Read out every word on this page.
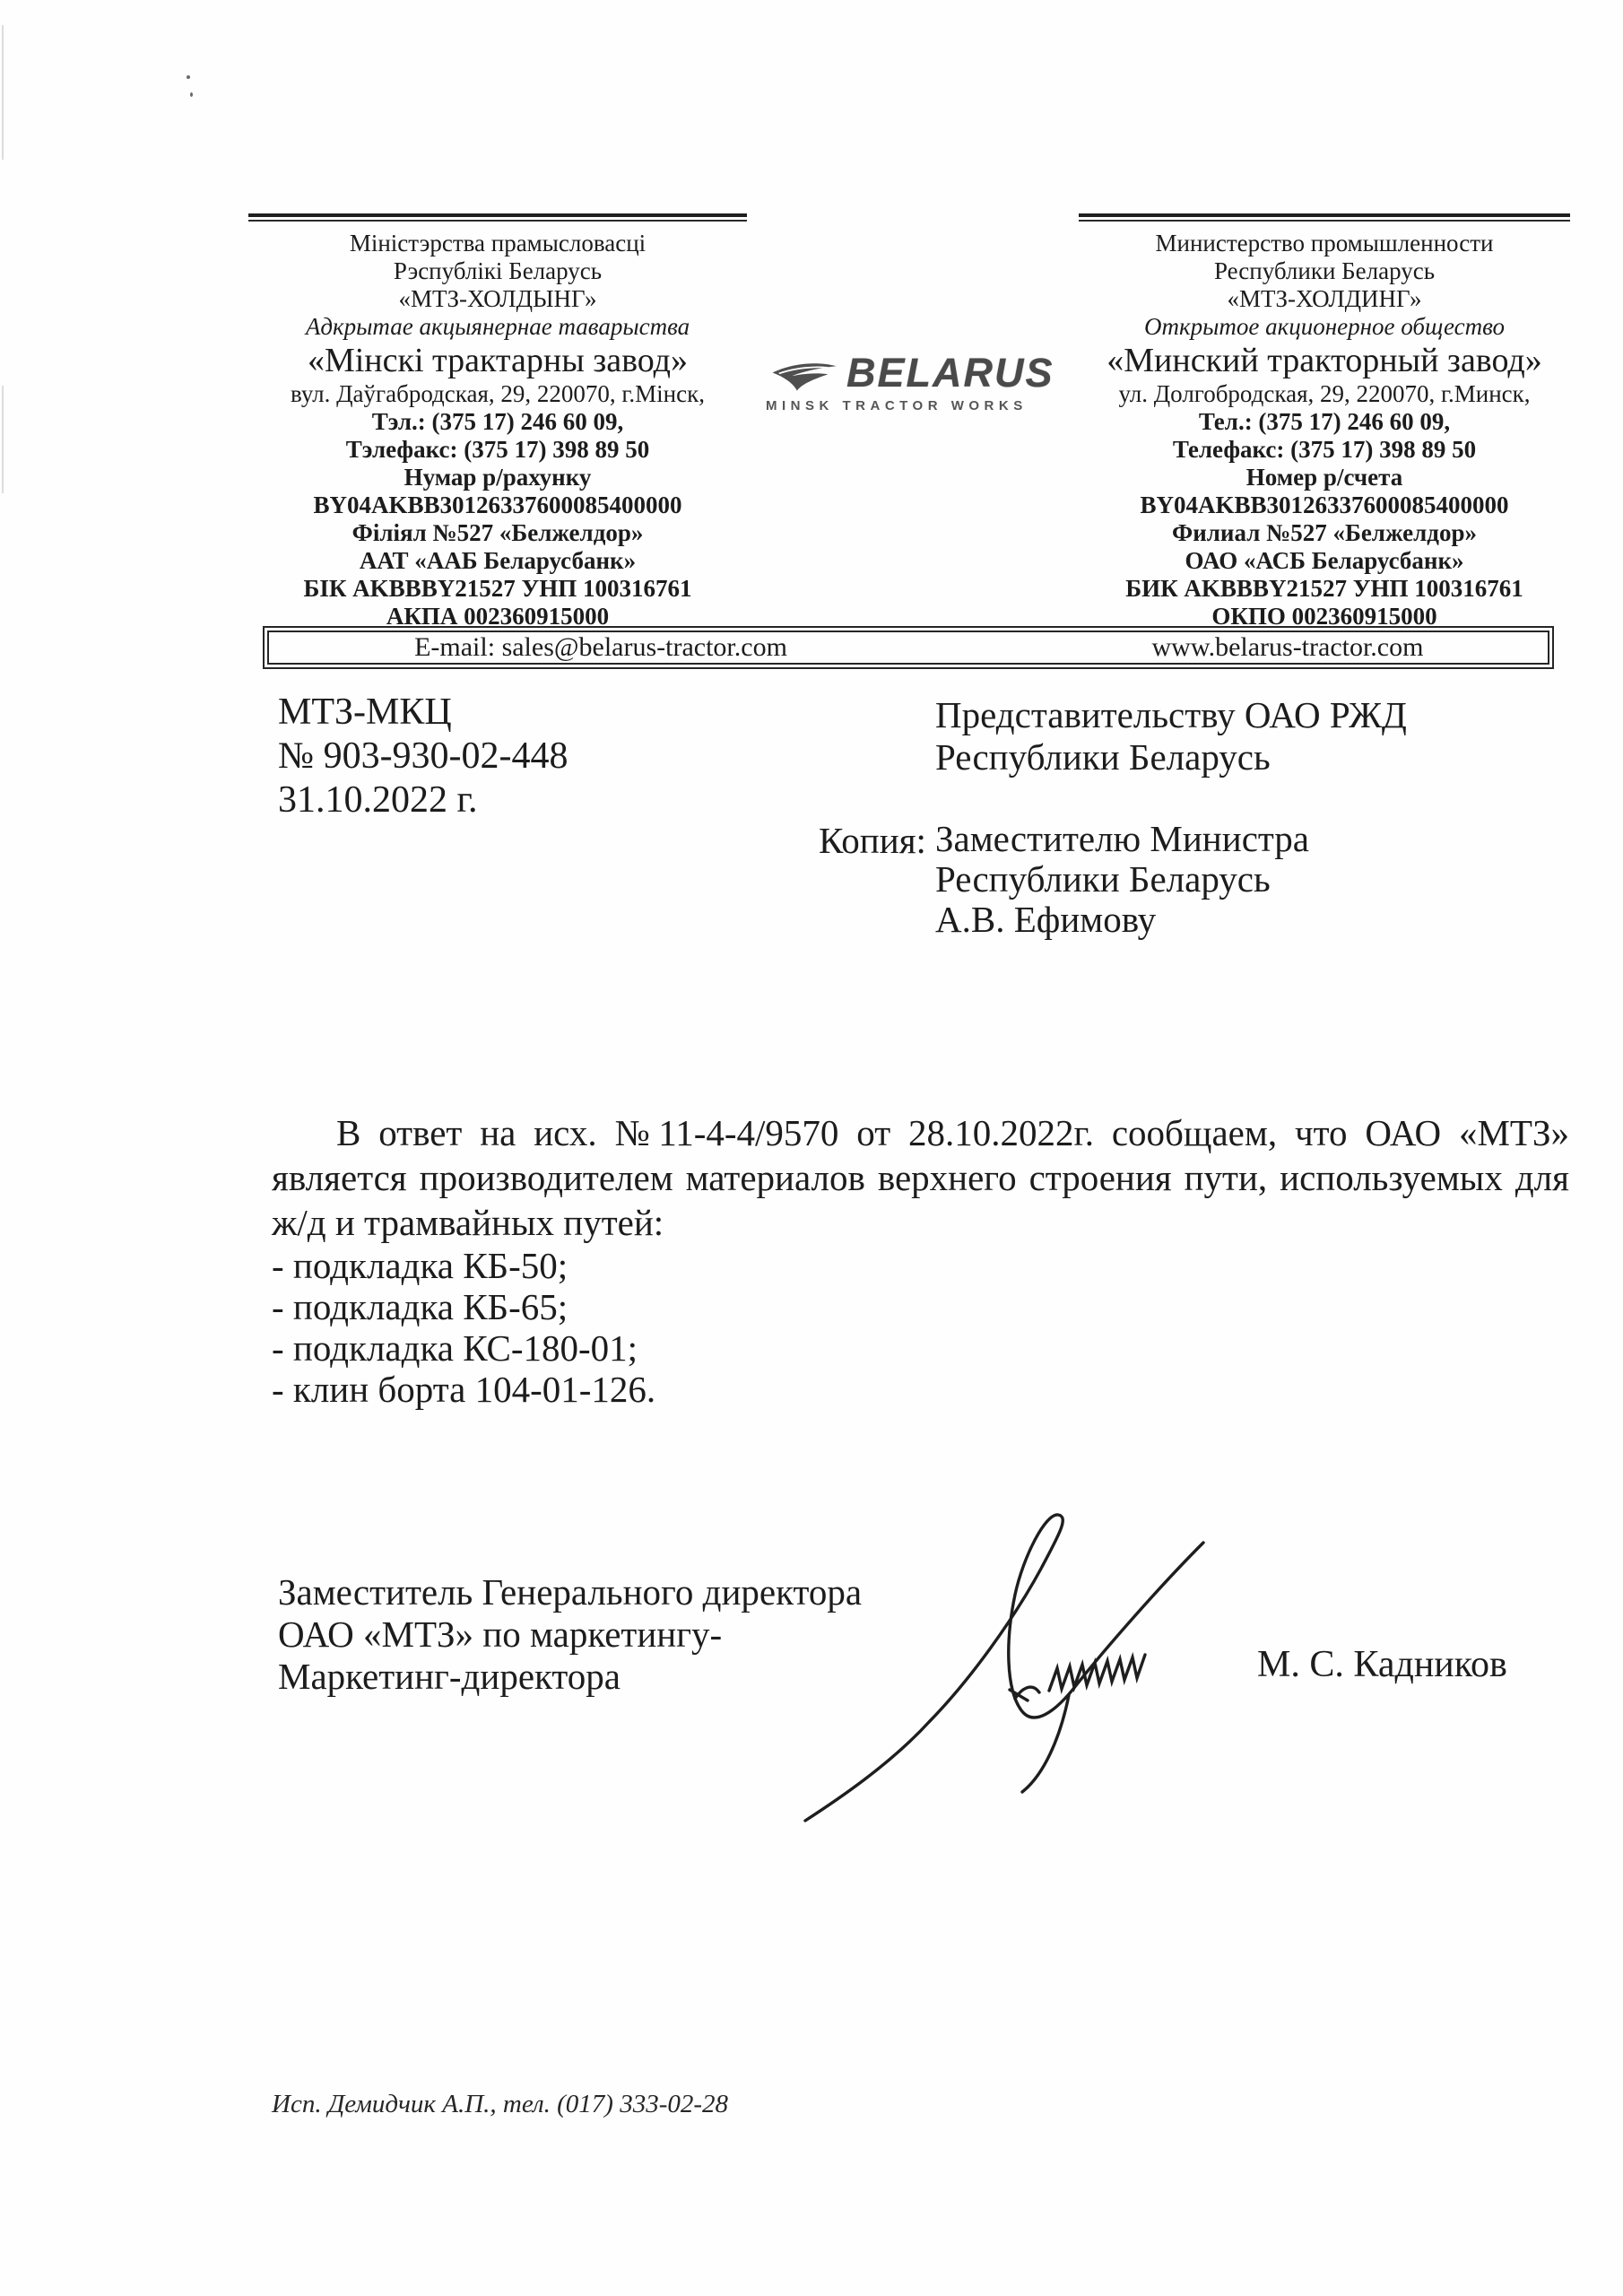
Міністэрства прамысловасці
Рэспублікі Беларусь
«МТЗ-ХОЛДЫНГ»
Адкрытае акцыянернае таварыства
«Мінскі трактарны завод»
вул. Даўгабродская, 29, 220070, г.Мінск,
Тэл.: (375 17) 246 60 09,
Тэлефакс: (375 17) 398 89 50
Нумар р/рахунку
BY04AKBB30126337600085400000
Філіял №527 «Белжелдор»
ААТ «ААБ Беларусбанк»
БІК AKBBBY21527 УНП 100316761
АКПА 002360915000
BELARUS
MINSK TRACTOR WORKS
Министерство промышленности
Республики Беларусь
«МТЗ-ХОЛДИНГ»
Открытое акционерное общество
«Минский тракторный завод»
ул. Долгобродская, 29, 220070, г.Минск,
Тел.: (375 17) 246 60 09,
Телефакс: (375 17) 398 89 50
Номер р/счета
BY04AKBB30126337600085400000
Филиал №527 «Белжелдор»
ОАО «АСБ Беларусбанк»
БИК AKBBBY21527 УНП 100316761
ОКПО 002360915000
E-mail: sales@belarus-tractor.com	www.belarus-tractor.com
МТЗ-МКЦ
№ 903-930-02-448
31.10.2022 г.
Представительству ОАО РЖД
Республики Беларусь
Копия: Заместителю Министра
Республики Беларусь
А.В. Ефимову

В ответ на исх. №11-4-4/9570 от 28.10.2022г. сообщаем, что ОАО «МТЗ» является производителем материалов верхнего строения пути, используемых для ж/д и трамвайных путей:

- подкладка КБ-50;
- подкладка КБ-65;
- подкладка КС-180-01;
- клин борта 104-01-126.
Заместитель Генерального директора
ОАО «МТЗ» по маркетингу-
Маркетинг-директора	М. С. Кадников
Исп. Демидчик А.П., тел. (017) 333-02-28
